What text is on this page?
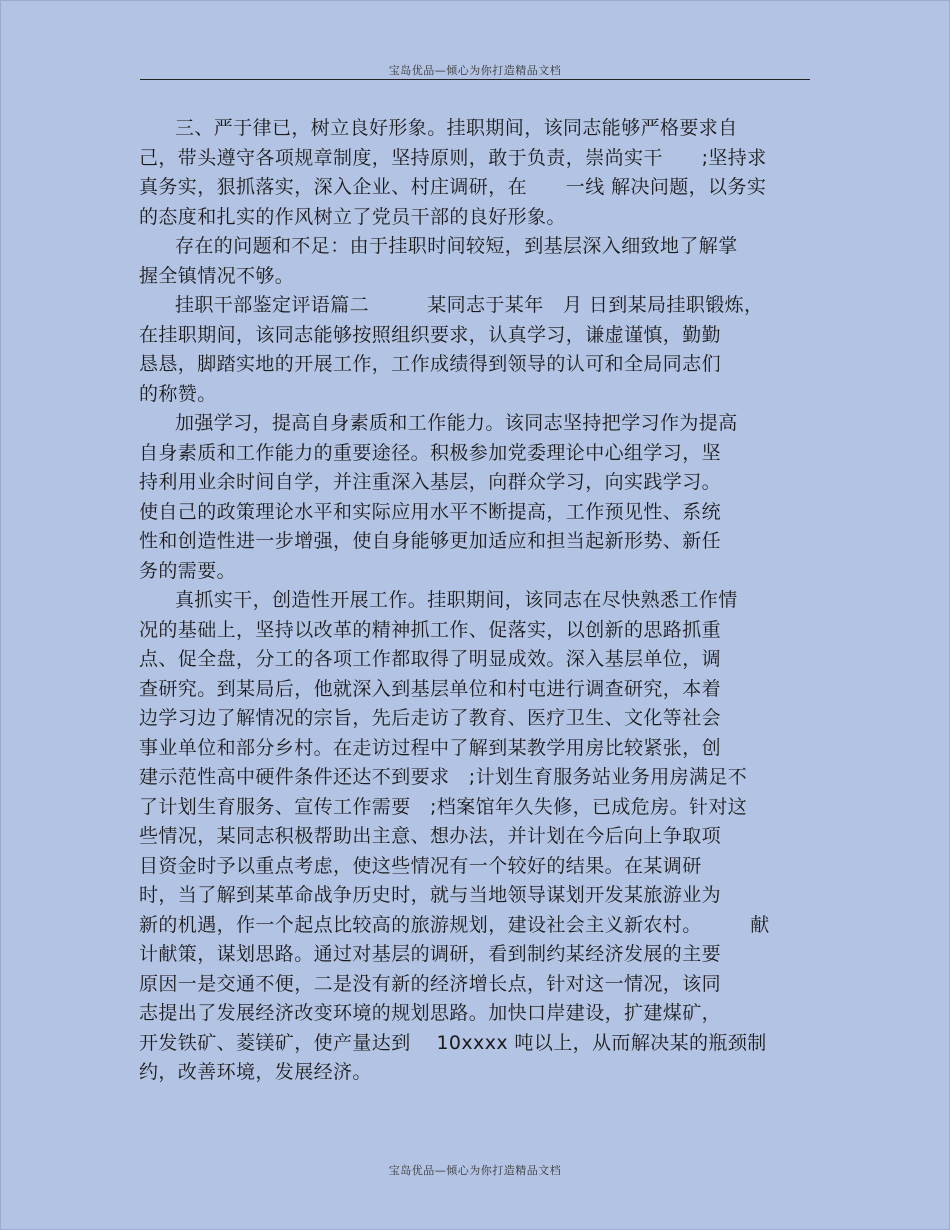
宝岛优品—倾心为你打造精品文档
三、严于律已，树立良好形象。挂职期间，该同志能够严格要求自
己，带头遵守各项规章制度，坚持原则，敢于负责，崇尚实干　　;坚持求
真务实，狠抓落实，深入企业、村庄调研，在　　一线 解决问题，以务实
的态度和扎实的作风树立了党员干部的良好形象。
存在的问题和不足：由于挂职时间较短，到基层深入细致地了解掌
握全镇情况不够。
挂职干部鉴定评语篇二　　　某同志于某年　月 日到某局挂职锻炼，
在挂职期间，该同志能够按照组织要求，认真学习，谦虚谨慎，勤勤
恳恳，脚踏实地的开展工作，工作成绩得到领导的认可和全局同志们
的称赞。
加强学习，提高自身素质和工作能力。该同志坚持把学习作为提高
自身素质和工作能力的重要途径。积极参加党委理论中心组学习，坚
持利用业余时间自学，并注重深入基层，向群众学习，向实践学习。
使自己的政策理论水平和实际应用水平不断提高，工作预见性、系统
性和创造性进一步增强，使自身能够更加适应和担当起新形势、新任
务的需要。
真抓实干，创造性开展工作。挂职期间，该同志在尽快熟悉工作情
况的基础上，坚持以改革的精神抓工作、促落实，以创新的思路抓重
点、促全盘，分工的各项工作都取得了明显成效。深入基层单位，调
查研究。到某局后，他就深入到基层单位和村屯进行调查研究，本着
边学习边了解情况的宗旨，先后走访了教育、医疗卫生、文化等社会
事业单位和部分乡村。在走访过程中了解到某教学用房比较紧张，创
建示范性高中硬件条件还达不到要求　;计划生育服务站业务用房满足不
了计划生育服务、宣传工作需要　;档案馆年久失修，已成危房。针对这
些情况，某同志积极帮助出主意、想办法，并计划在今后向上争取项
目资金时予以重点考虑，使这些情况有一个较好的结果。在某调研
时，当了解到某革命战争历史时，就与当地领导谋划开发某旅游业为
新的机遇，作一个起点比较高的旅游规划，建设社会主义新农村。　　　献
计献策，谋划思路。通过对基层的调研，看到制约某经济发展的主要
原因一是交通不便，二是没有新的经济增长点，针对这一情况，该同
志提出了发展经济改变环境的规划思路。加快口岸建设，扩建煤矿，
开发铁矿、菱镁矿，使产量达到　 10xxxx 吨以上，从而解决某的瓶颈制
约，改善环境，发展经济。
宝岛优品—倾心为你打造精品文档
